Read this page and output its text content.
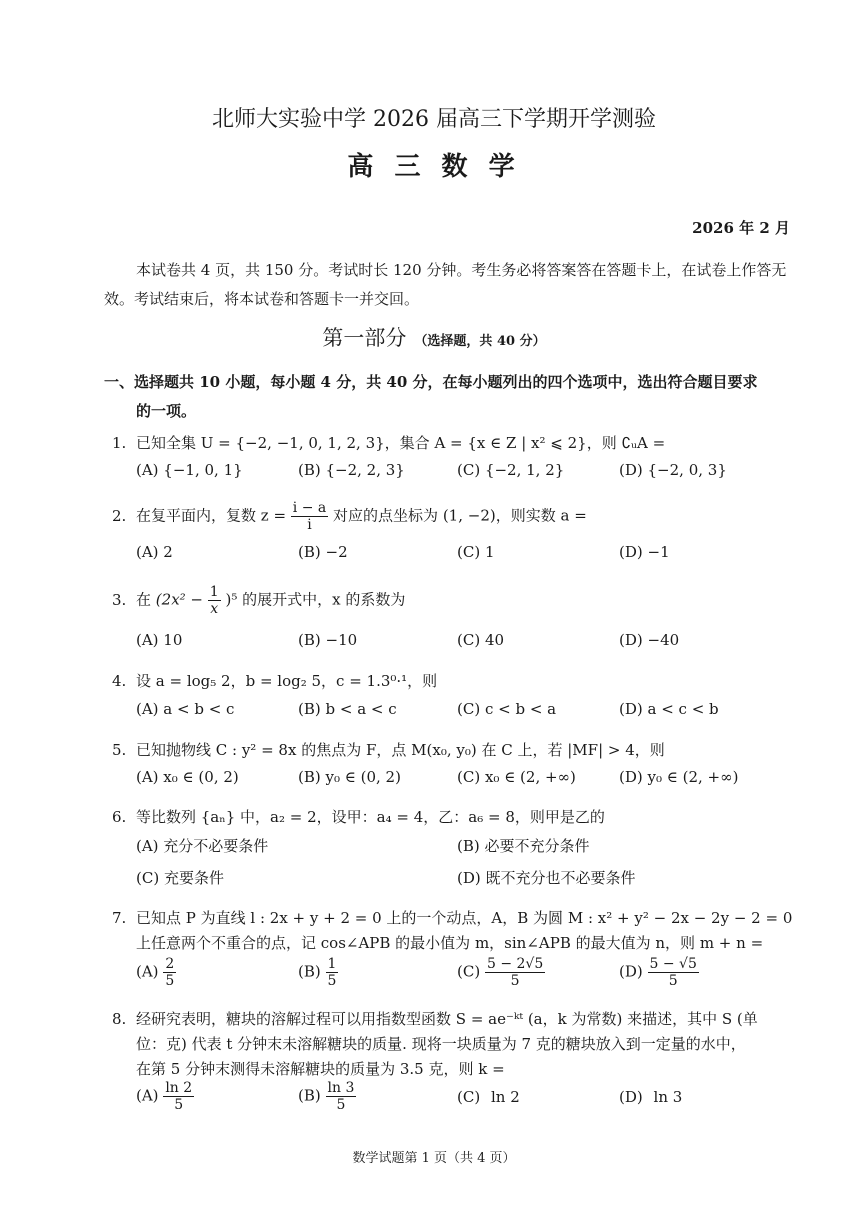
北师大实验中学 2026 届高三下学期开学测验
高 三 数 学
2026 年 2 月
本试卷共 4 页，共 150 分。考试时长 120 分钟。考生务必将答案答在答题卡上，在试卷上作答无效。考试结束后，将本试卷和答题卡一并交回。
第一部分 （选择题，共 40 分）
一、选择题共 10 小题，每小题 4 分，共 40 分，在每小题列出的四个选项中，选出符合题目要求
的一项。
1. 已知全集 U = {−2, −1, 0, 1, 2, 3}，集合 A = {x ∈ Z | x² ⩽ 2}，则 ∁ᵤA =
(A) {−1, 0, 1}	(B) {−2, 2, 3}	(C) {−2, 1, 2}	(D) {−2, 0, 3}
2. 在复平面内，复数 $z = \frac{i - a}{i}$ 对应的点坐标为 (1, −2)，则实数 a =
(A) 2	(B) −2	(C) 1	(D) −1
3. 在 $(2x^2 - \frac{1}{x} )^5$ 的展开式中，x 的系数为
(A) 10	(B) −10	(C) 40	(D) −40
4. 设 a = log₅ 2，b = log₂ 5，c = 1.3⁰·¹，则
(A) a < b < c	(B) b < a < c	(C) c < b < a	(D) a < c < b
5. 已知抛物线 C : y² = 8x 的焦点为 F，点 M(x₀, y₀) 在 C 上，若 |MF| > 4，则
(A) x₀ ∈ (0, 2)	(B) y₀ ∈ (0, 2)	(C) x₀ ∈ (2, +∞)	(D) y₀ ∈ (2, +∞)
6. 等比数列 {aₙ} 中，a₂ = 2，设甲：a₄ = 4，乙：a₆ = 8，则甲是乙的
(A) 充分不必要条件	(B) 必要不充分条件
(C) 充要条件	(D) 既不充分也不必要条件
7. 已知点 P 为直线 l : 2x + y + 2 = 0 上的一个动点，A，B 为圆 M : x² + y² − 2x − 2y − 2 = 0
上任意两个不重合的点，记 cos∠APB 的最小值为 m，sin∠APB 的最大值为 n，则 m + n =
$(A) \frac{2}{5}$	$(B) \frac{1}{5}$	$(C) \frac{5 - 2√5}{5}$	$(D) \frac{5 - √5}{5}$
8. 经研究表明，糖块的溶解过程可以用指数型函数 S = ae⁻ᵏᵗ (a，k 为常数) 来描述，其中 S (单
位：克) 代表 t 分钟末未溶解糖块的质量. 现将一块质量为 7 克的糖块放入到一定量的水中，
在第 5 分钟末测得未溶解糖块的质量为 3.5 克，则 k =
$(A) \frac{\ln 2}{5}$	$(B) \frac{\ln 3}{5}$	(C) ln 2	(D) ln 3
数学试题第 1 页（共 4 页）
